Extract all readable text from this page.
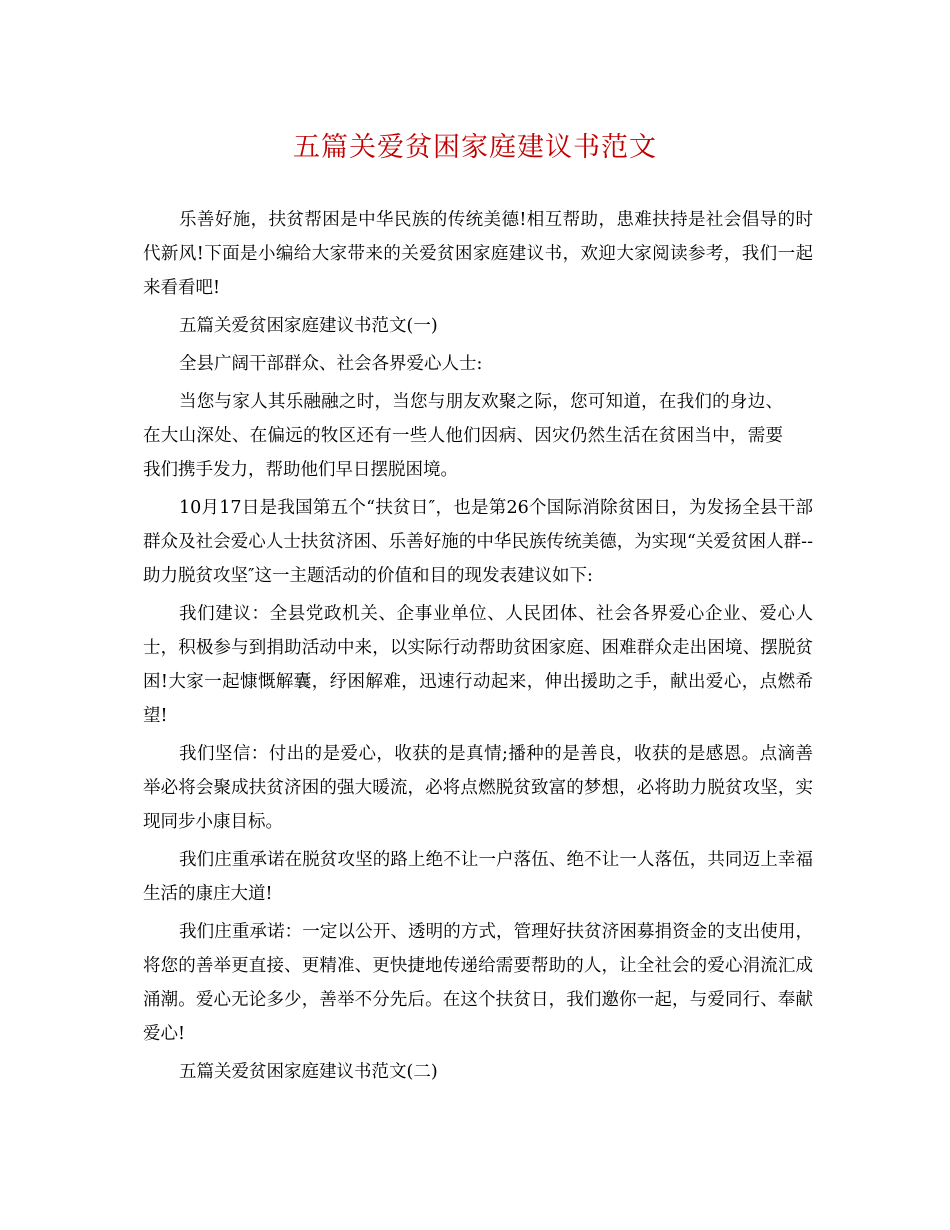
五篇关爱贫困家庭建议书范文

乐善好施，扶贫帮困是中华民族的传统美德!相互帮助，患难扶持是社会倡导的时代新风!下面是小编给大家带来的关爱贫困家庭建议书，欢迎大家阅读参考，我们一起来看看吧!

五篇关爱贫困家庭建议书范文(一)

全县广阔干部群众、社会各界爱心人士:

当您与家人其乐融融之时，当您与朋友欢聚之际，您可知道，在我们的身边、在大山深处、在偏远的牧区还有一些人他们因病、因灾仍然生活在贫困当中，需要我们携手发力，帮助他们早日摆脱困境。

10月17日是我国第五个“扶贫日″，也是第26个国际消除贫困日，为发扬全县干部群众及社会爱心人士扶贫济困、乐善好施的中华民族传统美德，为实现“关爱贫困人群--助力脱贫攻坚″这一主题活动的价值和目的现发表建议如下:

我们建议：全县党政机关、企事业单位、人民团体、社会各界爱心企业、爱心人士，积极参与到捐助活动中来，以实际行动帮助贫困家庭、困难群众走出困境、摆脱贫困!大家一起慷慨解囊，纾困解难，迅速行动起来，伸出援助之手，献出爱心，点燃希望!

我们坚信：付出的是爱心，收获的是真情;播种的是善良，收获的是感恩。点滴善举必将会聚成扶贫济困的强大暖流，必将点燃脱贫致富的梦想，必将助力脱贫攻坚，实现同步小康目标。

我们庄重承诺在脱贫攻坚的路上绝不让一户落伍、绝不让一人落伍，共同迈上幸福生活的康庄大道!

我们庄重承诺：一定以公开、透明的方式，管理好扶贫济困募捐资金的支出使用，将您的善举更直接、更精准、更快捷地传递给需要帮助的人，让全社会的爱心涓流汇成涌潮。爱心无论多少，善举不分先后。在这个扶贫日，我们邀你一起，与爱同行、奉献爱心!

五篇关爱贫困家庭建议书范文(二)
